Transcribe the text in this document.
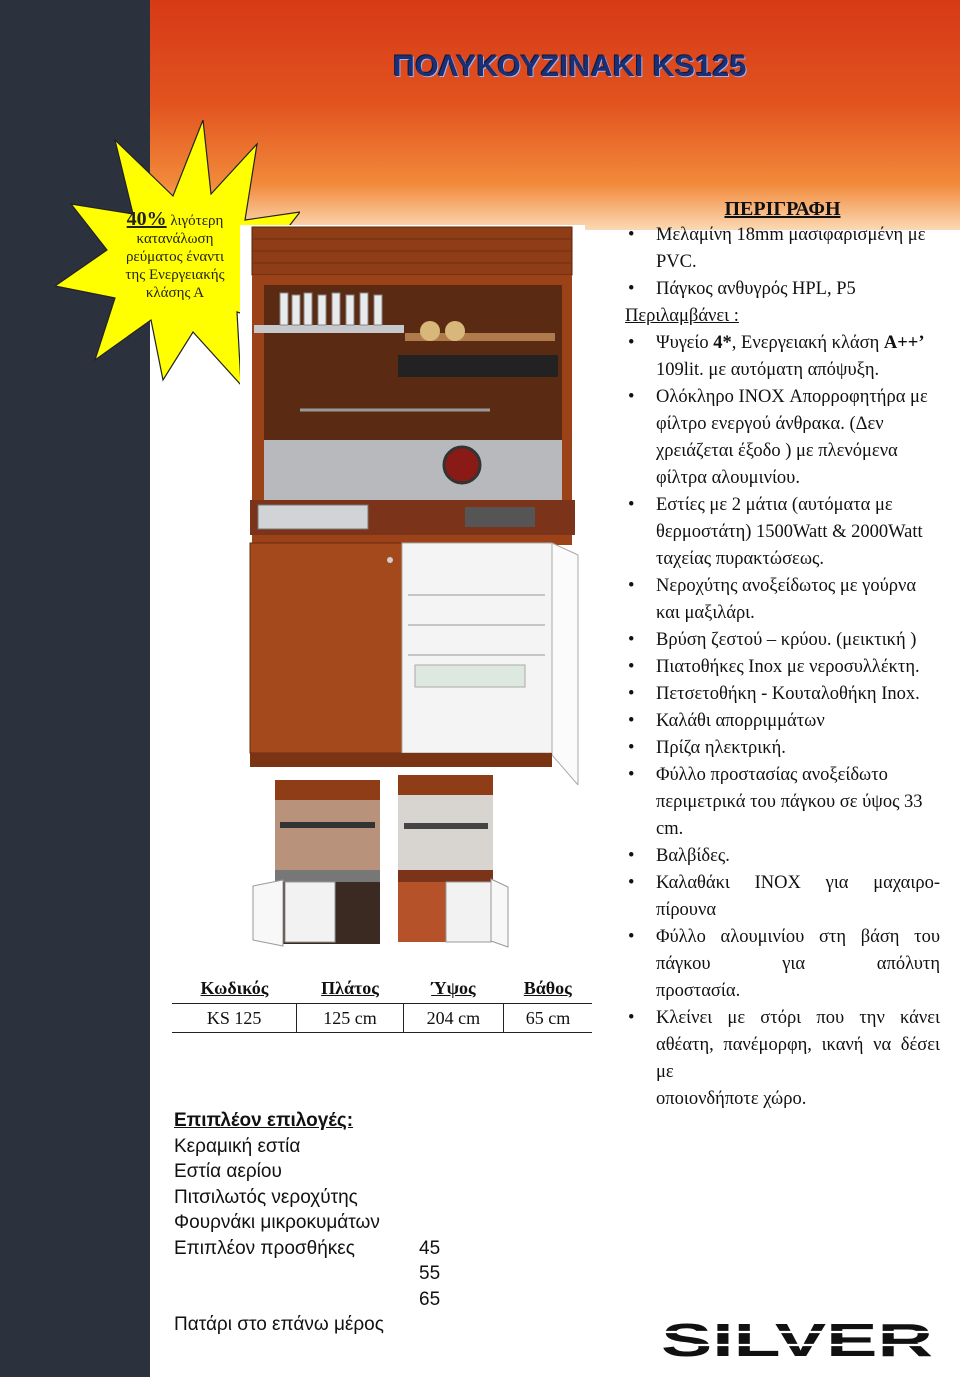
ΠΟΛΥΚΟΥΖΙΝΑΚΙ KS125
40% λιγότερη
κατανάλωση
ρεύματος έναντι
της Ενεργειακής
κλάσης Α
ΠΕΡΙΓΡΑΦΗ
• Μελαμίνη 18mm μασιφαρισμένη με PVC.
• Πάγκος ανθυγρός HPL, P5
Περιλαμβάνει :
• Ψυγείο 4*, Ενεργειακή κλάση Α++’ 109lit. με αυτόματη απόψυξη.
• Ολόκληρο INOX Απορροφητήρα με φίλτρο ενεργού άνθρακα. (Δεν χρειάζεται έξοδο ) με πλενόμενα φίλτρα αλουμινίου.
• Εστίες με 2 μάτια (αυτόματα με θερμοστάτη) 1500Watt & 2000Watt ταχείας πυρακτώσεως.
• Νεροχύτης ανοξείδωτος με γούρνα και μαξιλάρι.
• Βρύση ζεστού – κρύου. (μεικτική )
• Πιατοθήκες Inox με νεροσυλλέκτη.
• Πετσετοθήκη - Κουταλοθήκη Inox.
• Καλάθι απορριμμάτων
• Πρίζα ηλεκτρική.
• Φύλλο προστασίας ανοξείδωτο περιμετρικά του πάγκου σε ύψος 33 cm.
• Βαλβίδες.
• Καλαθάκι INOX για μαχαιρο-
πίρουνα
• Φύλλο αλουμινίου στη βάση του πάγκου για απόλυτη
προστασία.
• Κλείνει με στόρι που την κάνει αθέατη, πανέμορφη, ικανή να δέσει με
οποιονδήποτε χώρο.
Κωδικός	Πλάτος	Ύψος	Βάθος
KS 125	125 cm	204 cm	65 cm
Επιπλέον επιλογές:
Κεραμική εστία
Εστία αερίου
Πιτσιλωτός νεροχύτης
Φουρνάκι μικροκυμάτων
Επιπλέον προσθήκες	45
55
65
Πατάρι στο επάνω μέρος	SILVER
